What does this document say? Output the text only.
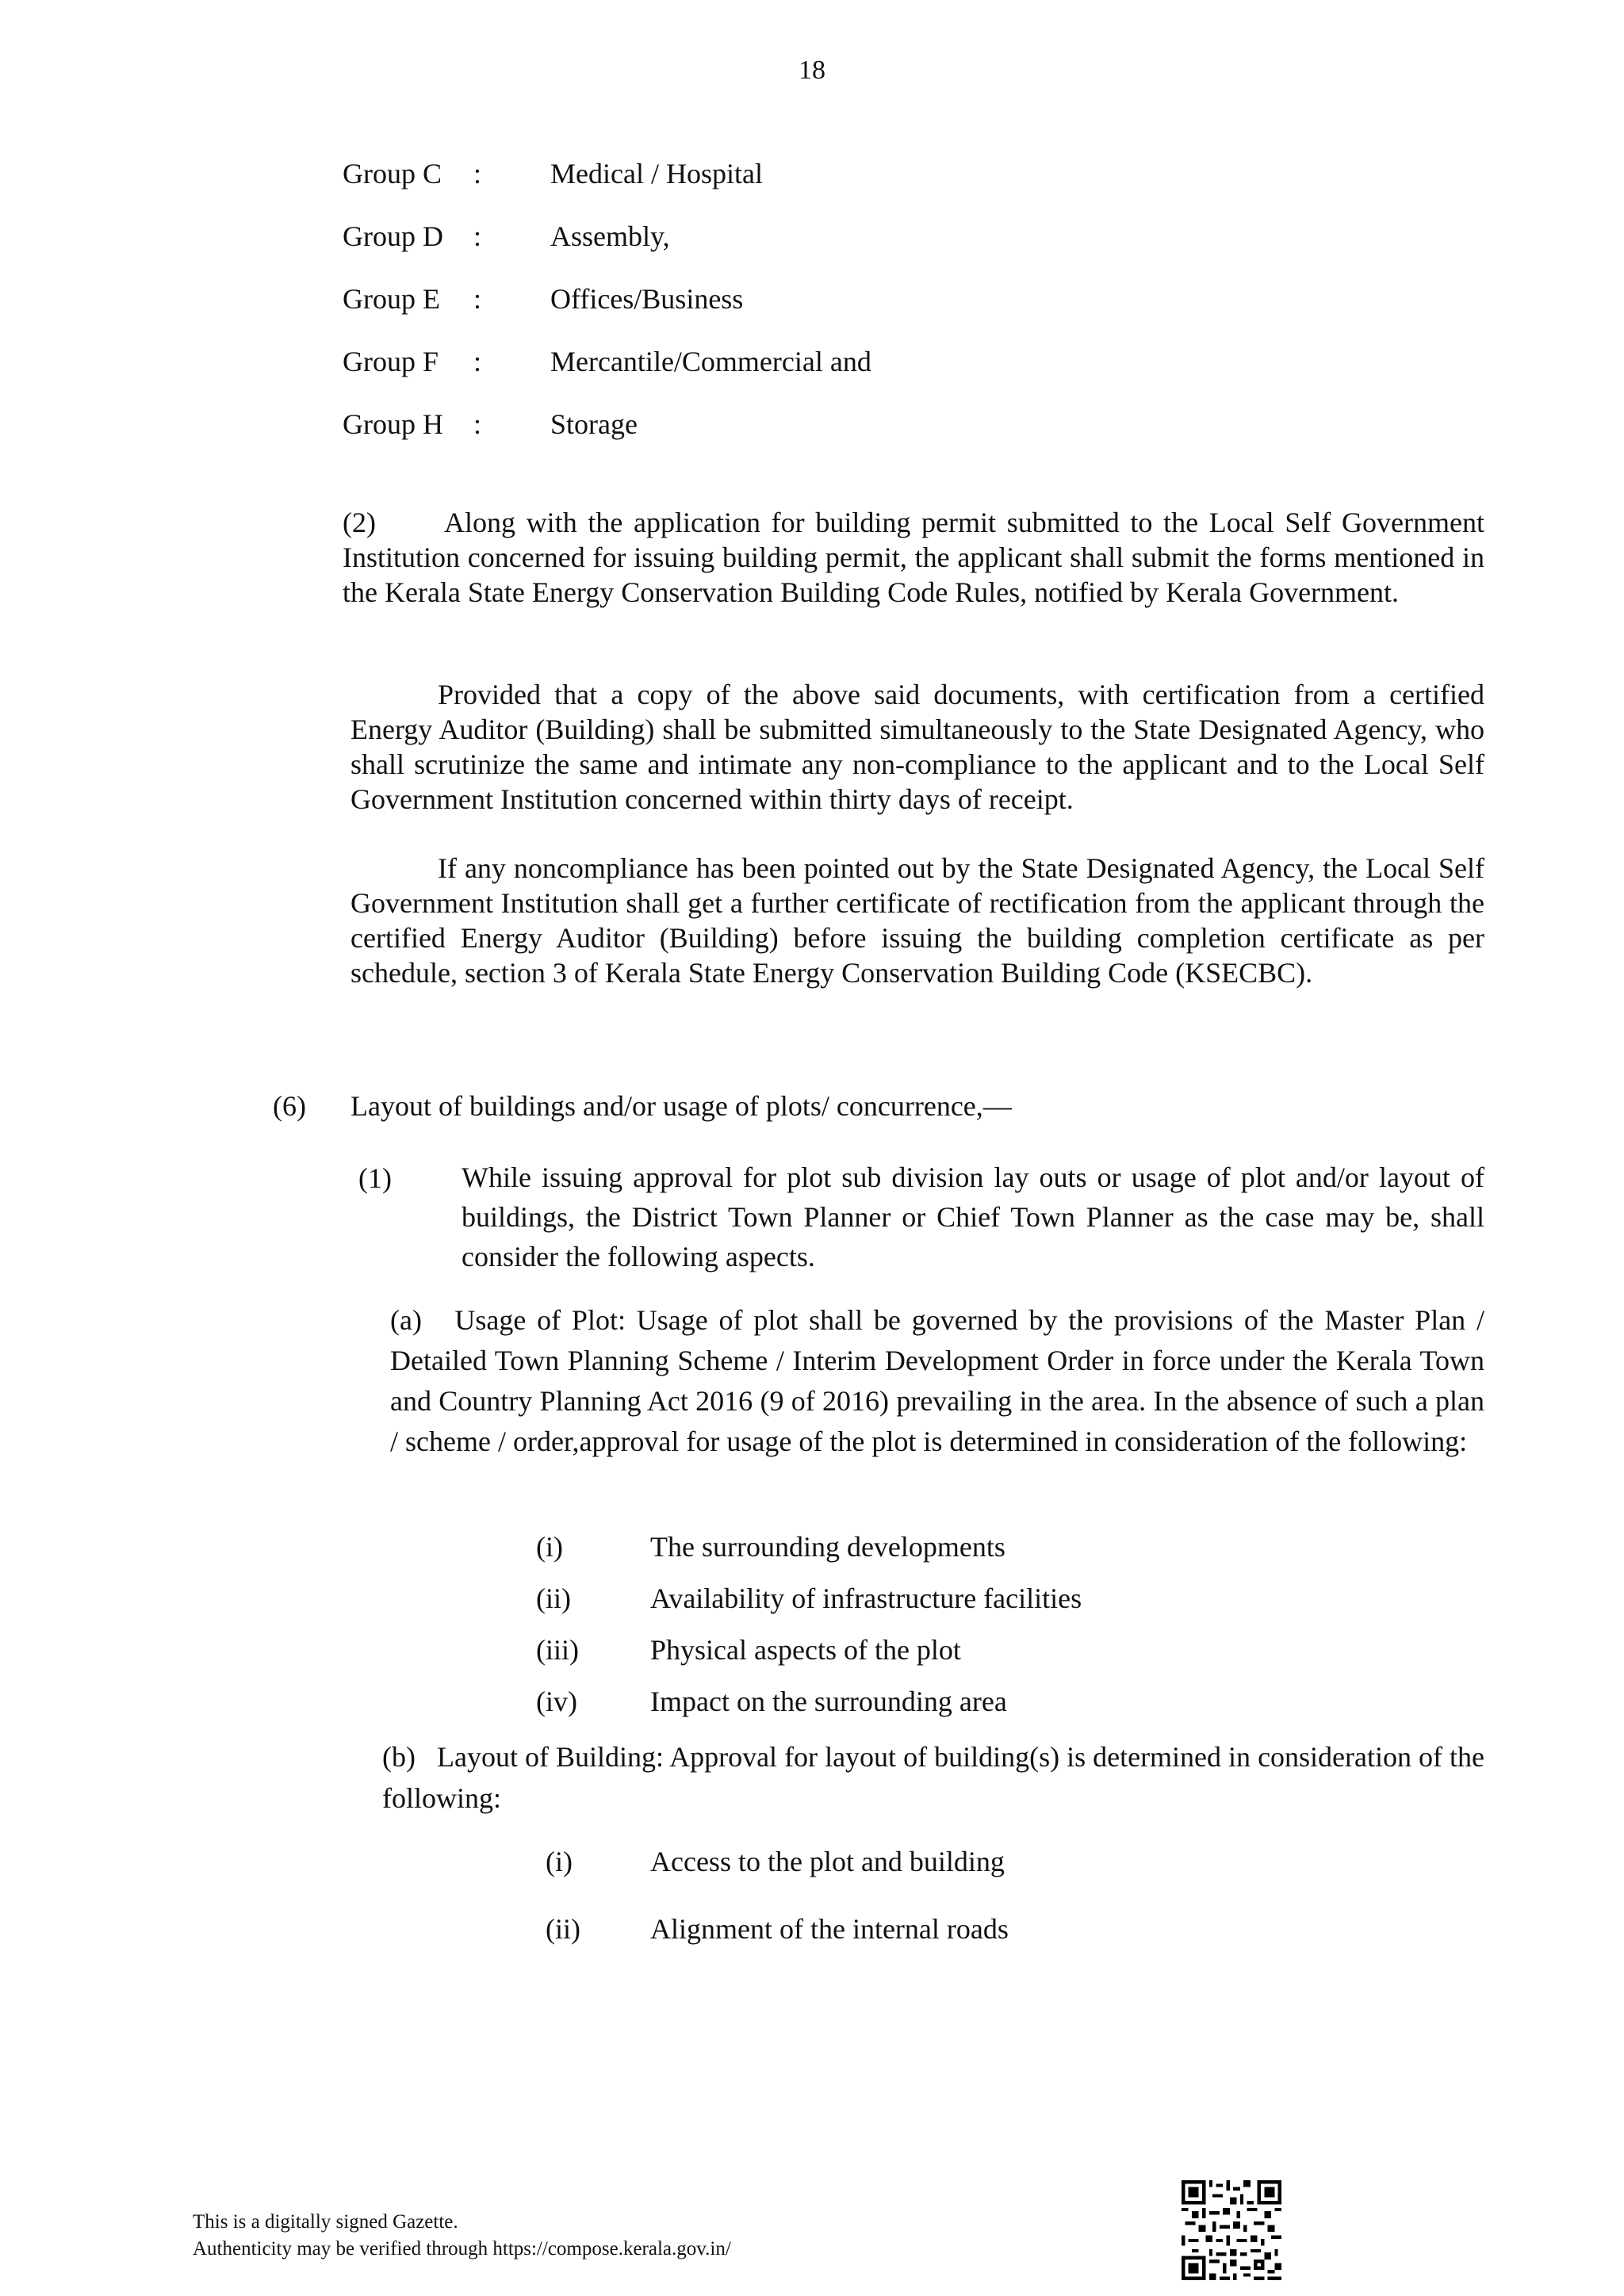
18
Group C	: Medical / Hospital
Group D	: Assembly,
Group E	: Offices/Business
Group F	: Mercantile/Commercial and
Group H	: Storage
(2) Along with the application for building permit submitted to the Local Self Government Institution concerned for issuing building permit, the applicant shall submit the forms mentioned in the Kerala State Energy Conservation Building Code Rules, notified by Kerala Government.
Provided that a copy of the above said documents, with certification from a certified Energy Auditor (Building) shall be submitted simultaneously to the State Designated Agency, who shall scrutinize the same and intimate any non-compliance to the applicant and to the Local Self Government Institution concerned within thirty days of receipt.
If any noncompliance has been pointed out by the State Designated Agency, the Local Self Government Institution shall get a further certificate of rectification from the applicant through the certified Energy Auditor (Building) before issuing the building completion certificate as per schedule, section 3 of Kerala State Energy Conservation Building Code (KSECBC).
(6) Layout of buildings and/or usage of plots/ concurrence,—
(1) While issuing approval for plot sub division lay outs or usage of plot and/or layout of buildings, the District Town Planner or Chief Town Planner as the case may be, shall consider the following aspects.
(a) Usage of Plot: Usage of plot shall be governed by the provisions of the Master Plan / Detailed Town Planning Scheme / Interim Development Order in force under the Kerala Town and Country Planning Act 2016 (9 of 2016) prevailing in the area. In the absence of such a plan / scheme / order,approval for usage of the plot is determined in consideration of the following:
(i)	The surrounding developments
(ii)	Availability of infrastructure facilities
(iii)	Physical aspects of the plot
(iv)	Impact on the surrounding area
(b) Layout of Building: Approval for layout of building(s) is determined in consideration of the following:
(i)	Access to the plot and building
(ii) Alignment of the internal roads
This is a digitally signed Gazette.
Authenticity may be verified through https://compose.kerala.gov.in/
